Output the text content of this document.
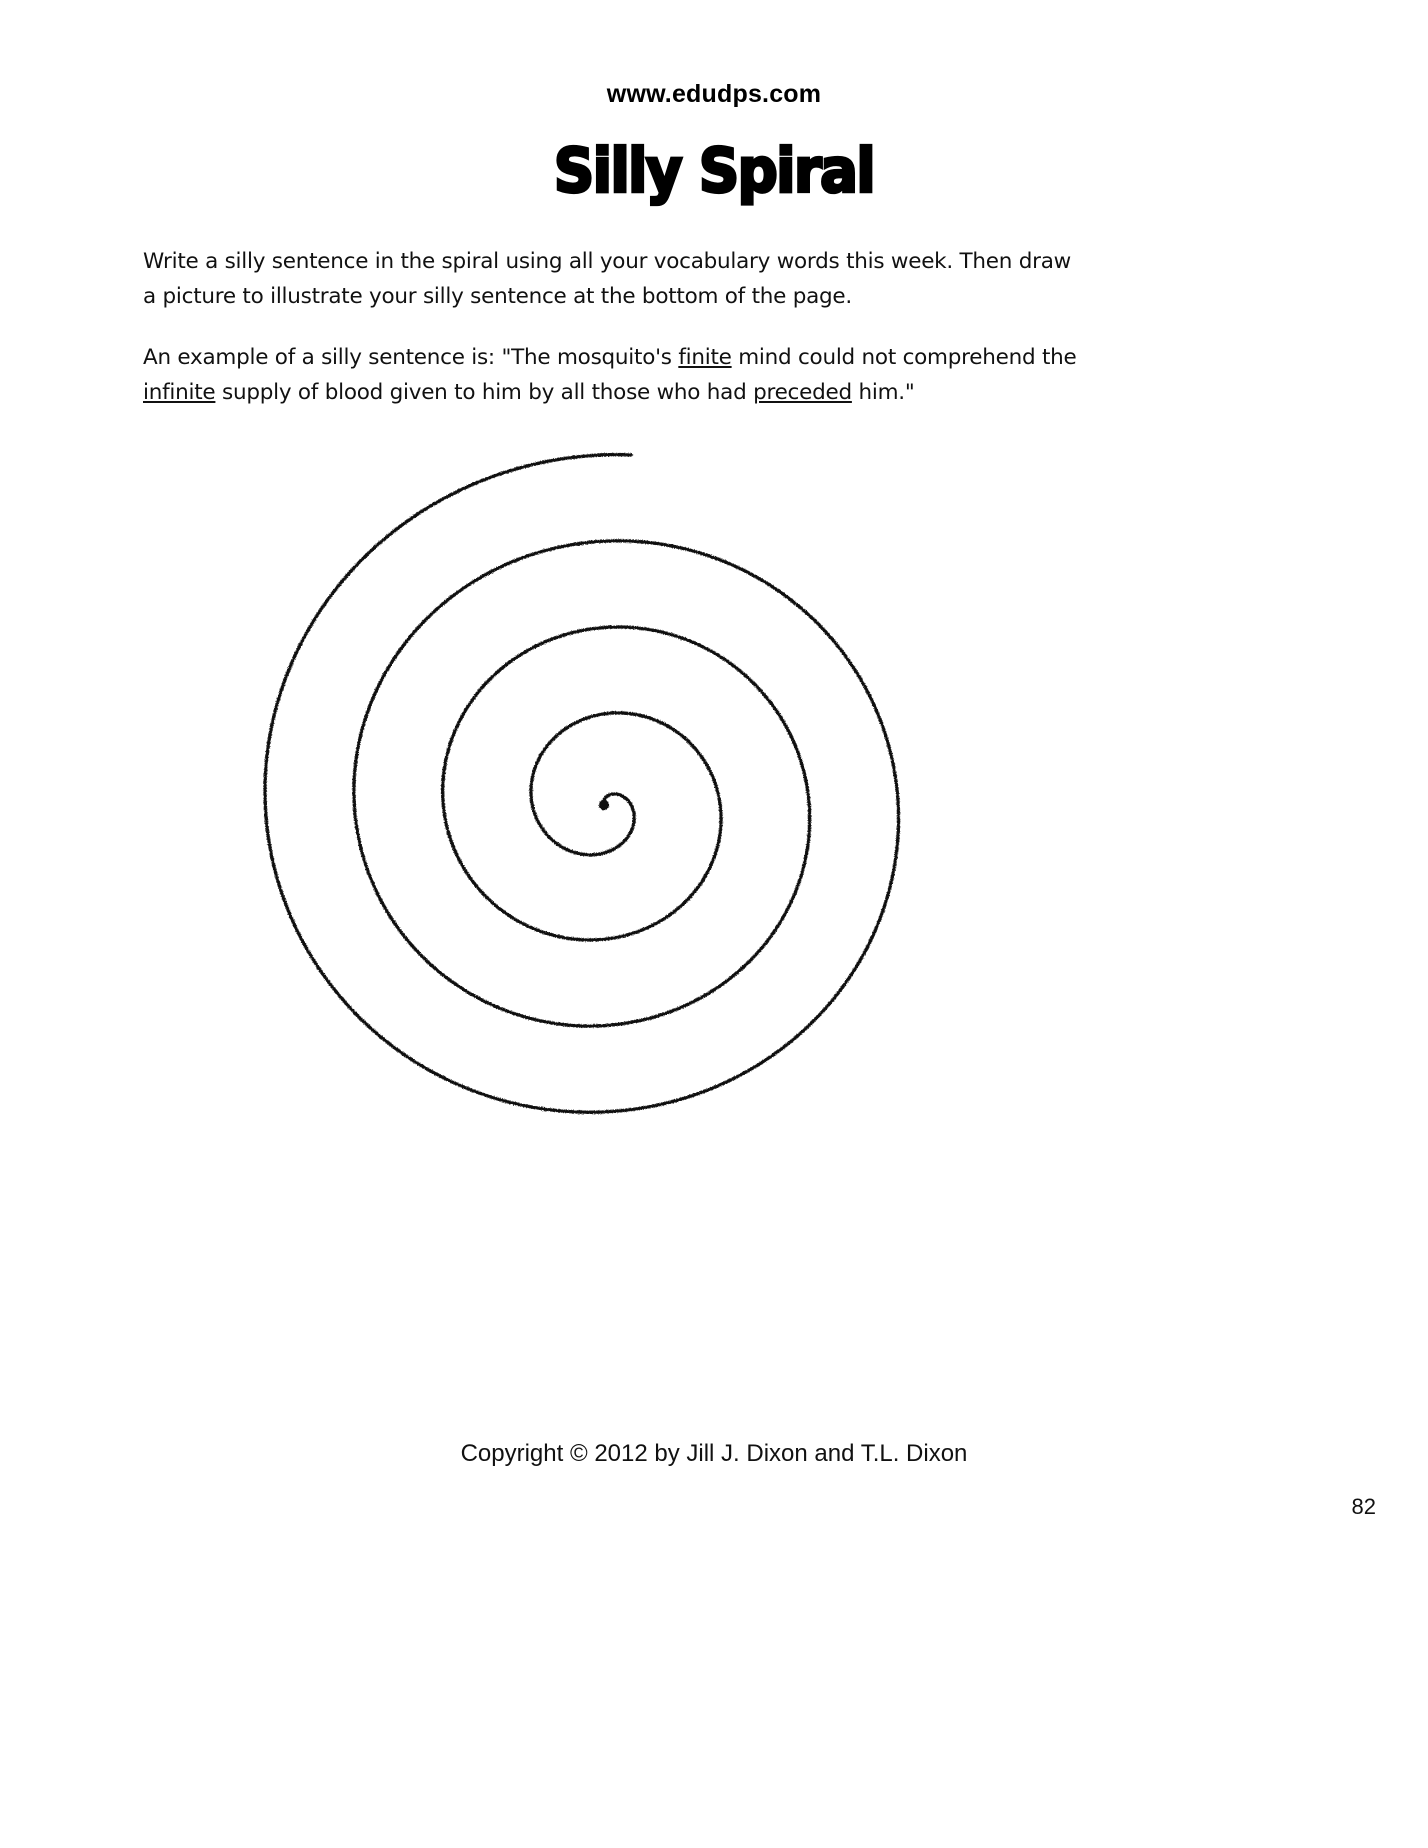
www.edudps.com
Silly Spiral

Write a silly sentence in the spiral using all your vocabulary words this week. Then draw a picture to illustrate your silly sentence at the bottom of the page.

An example of a silly sentence is: "The mosquito's finite mind could not comprehend the infinite supply of blood given to him by all those who had preceded him."

Copyright © 2012 by Jill J. Dixon and T.L. Dixon
82
